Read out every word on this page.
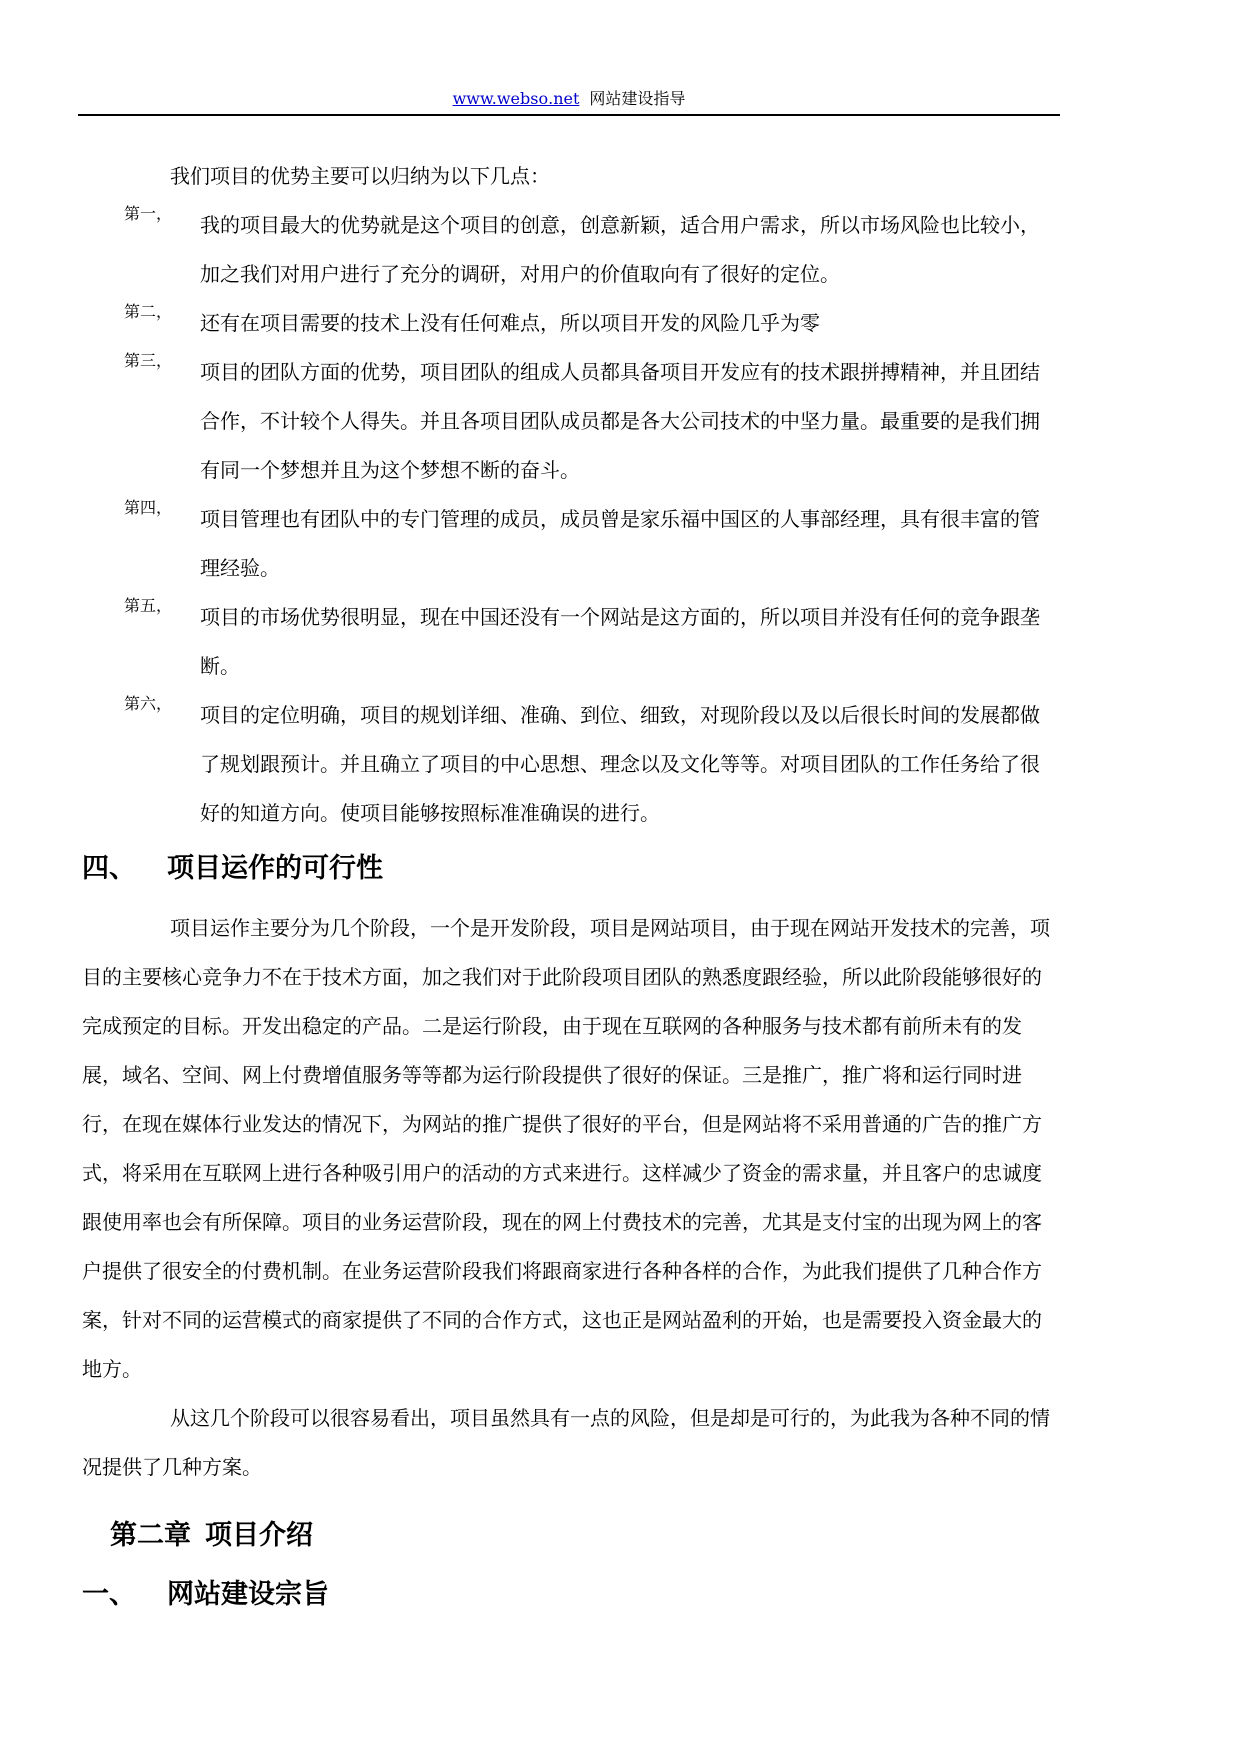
www.websο.net 网站建设指导

我们项目的优势主要可以归纳为以下几点：

第一， 我的项目最大的优势就是这个项目的创意，创意新颖，适合用户需求，所以市场风险也比较小，加之我们对用户进行了充分的调研，对用户的价值取向有了很好的定位。

第二， 还有在项目需要的技术上没有任何难点，所以项目开发的风险几乎为零

第三， 项目的团队方面的优势，项目团队的组成人员都具备项目开发应有的技术跟拼搏精神，并且团结合作，不计较个人得失。并且各项目团队成员都是各大公司技术的中坚力量。最重要的是我们拥有同一个梦想并且为这个梦想不断的奋斗。

第四， 项目管理也有团队中的专门管理的成员，成员曾是家乐福中国区的人事部经理，具有很丰富的管理经验。

第五， 项目的市场优势很明显，现在中国还没有一个网站是这方面的，所以项目并没有任何的竞争跟垄断。

第六， 项目的定位明确，项目的规划详细、准确、到位、细致，对现阶段以及以后很长时间的发展都做了规划跟预计。并且确立了项目的中心思想、理念以及文化等等。对项目团队的工作任务给了很好的知道方向。使项目能够按照标准准确误的进行。

四、 项目运作的可行性

项目运作主要分为几个阶段，一个是开发阶段，项目是网站项目，由于现在网站开发技术的完善，项目的主要核心竞争力不在于技术方面，加之我们对于此阶段项目团队的熟悉度跟经验，所以此阶段能够很好的完成预定的目标。开发出稳定的产品。二是运行阶段，由于现在互联网的各种服务与技术都有前所未有的发展，域名、空间、网上付费增值服务等等都为运行阶段提供了很好的保证。三是推广，推广将和运行同时进行，在现在媒体行业发达的情况下，为网站的推广提供了很好的平台，但是网站将不采用普通的广告的推广方式，将采用在互联网上进行各种吸引用户的活动的方式来进行。这样减少了资金的需求量，并且客户的忠诚度跟使用率也会有所保障。项目的业务运营阶段，现在的网上付费技术的完善，尤其是支付宝的出现为网上的客户提供了很安全的付费机制。在业务运营阶段我们将跟商家进行各种各样的合作，为此我们提供了几种合作方案，针对不同的运营模式的商家提供了不同的合作方式，这也正是网站盈利的开始，也是需要投入资金最大的地方。

从这几个阶段可以很容易看出，项目虽然具有一点的风险，但是却是可行的，为此我为各种不同的情况提供了几种方案。

第二章 项目介绍
一、 网站建设宗旨
